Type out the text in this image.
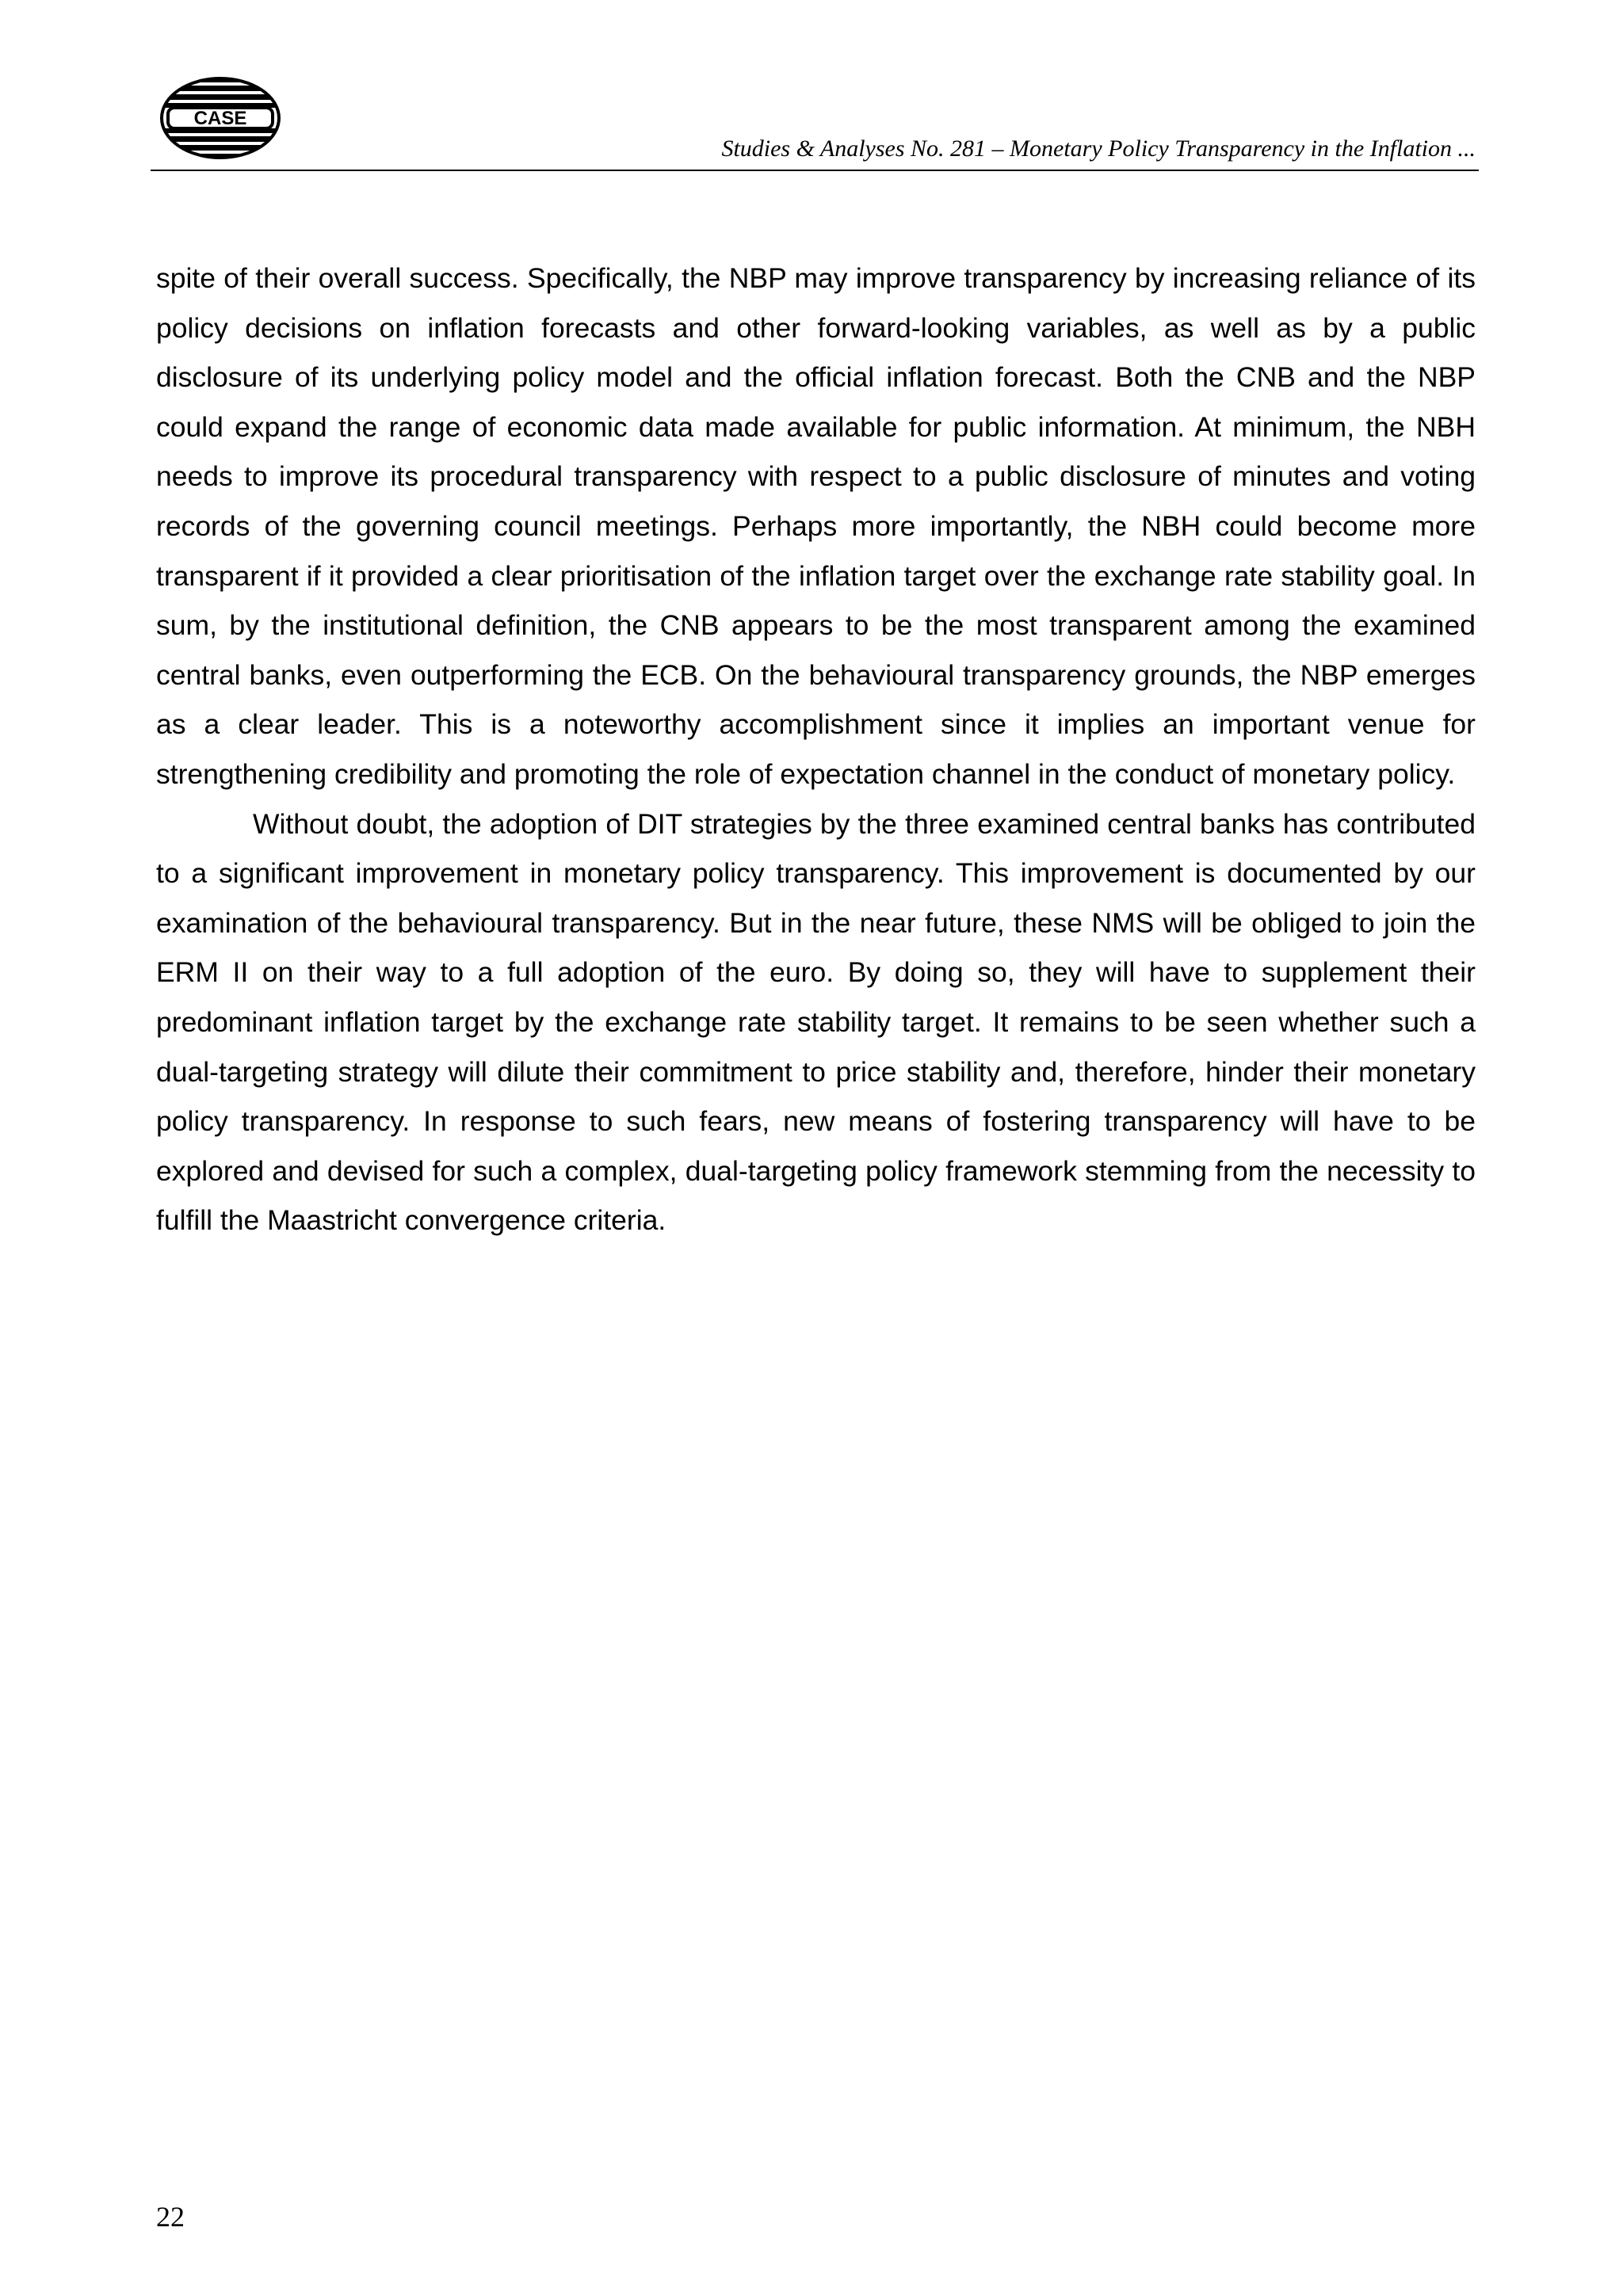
CASE
Studies & Analyses No. 281 – Monetary Policy Transparency in the Inflation ...

spite of their overall success. Specifically, the NBP may improve transparency by increasing reliance of its policy decisions on inflation forecasts and other forward-looking variables, as well as by a public disclosure of its underlying policy model and the official inflation forecast. Both the CNB and the NBP could expand the range of economic data made available for public information. At minimum, the NBH needs to improve its procedural transparency with respect to a public disclosure of minutes and voting records of the governing council meetings. Perhaps more importantly, the NBH could become more transparent if it provided a clear prioritisation of the inflation target over the exchange rate stability goal. In sum, by the institutional definition, the CNB appears to be the most transparent among the examined central banks, even outperforming the ECB. On the behavioural transparency grounds, the NBP emerges as a clear leader. This is a noteworthy accomplishment since it implies an important venue for strengthening credibility and promoting the role of expectation channel in the conduct of monetary policy.

Without doubt, the adoption of DIT strategies by the three examined central banks has contributed to a significant improvement in monetary policy transparency. This improvement is documented by our examination of the behavioural transparency. But in the near future, these NMS will be obliged to join the ERM II on their way to a full adoption of the euro. By doing so, they will have to supplement their predominant inflation target by the exchange rate stability target. It remains to be seen whether such a dual-targeting strategy will dilute their commitment to price stability and, therefore, hinder their monetary policy transparency. In response to such fears, new means of fostering transparency will have to be explored and devised for such a complex, dual-targeting policy framework stemming from the necessity to fulfill the Maastricht convergence criteria.

22
